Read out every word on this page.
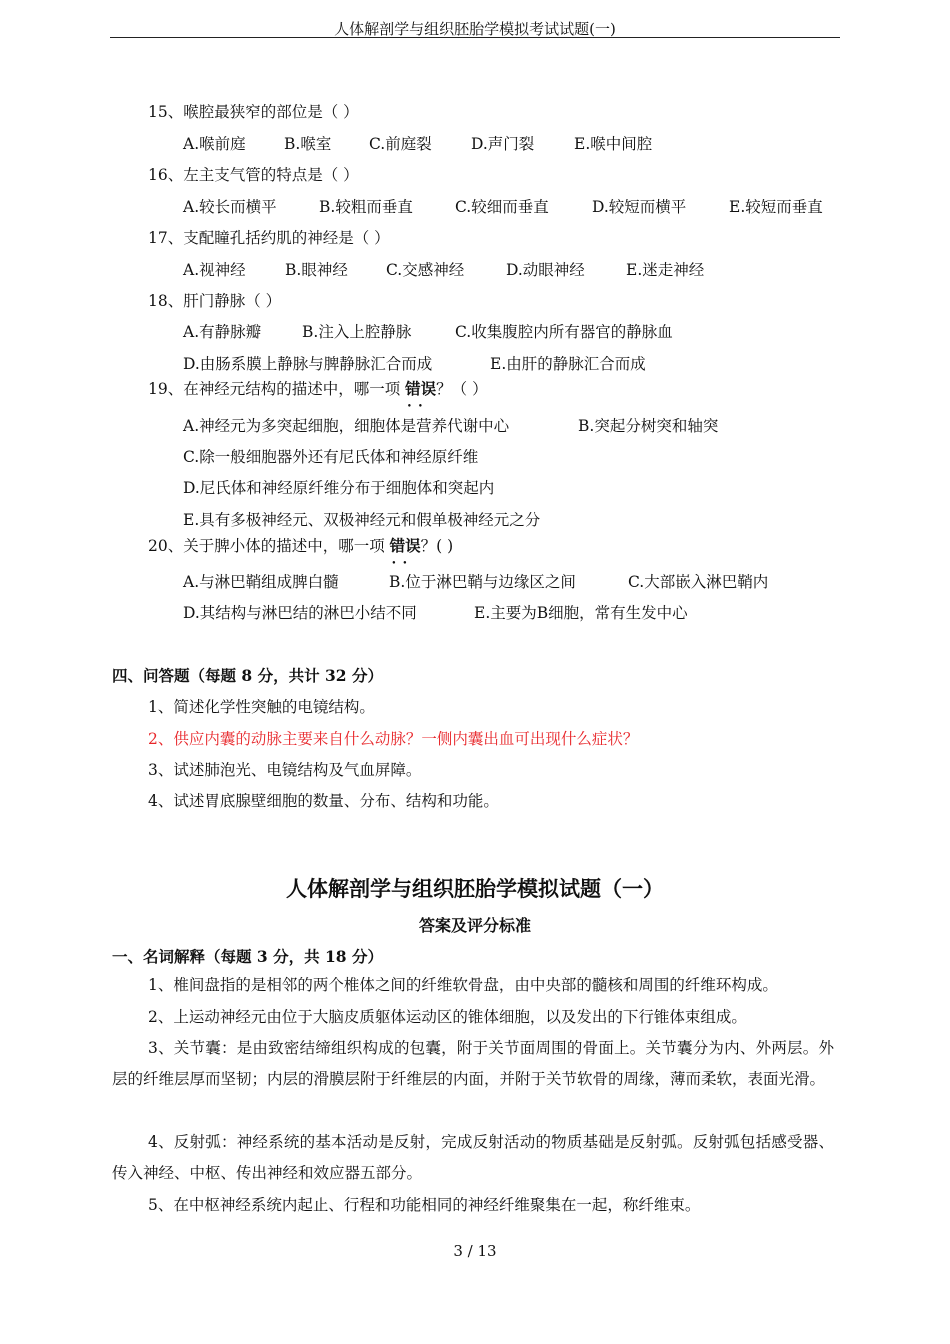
人体解剖学与组织胚胎学模拟考试试题(一)
15、喉腔最狭窄的部位是（ ）
A.喉前庭 B.喉室 C.前庭裂	D.声门裂	E.喉中间腔
16、左主支气管的特点是（ ）
A.较长而横平	B.较粗而垂直	C.较细而垂直	D.较短而横平	E.较短而垂直
17、支配瞳孔括约肌的神经是（ ）
A.视神经	B.眼神经 C.交感神经	D.动眼神经	E.迷走神经
18、肝门静脉（ ）
A.有静脉瓣	B.注入上腔静脉	C.收集腹腔内所有器官的静脉血
D.由肠系膜上静脉与脾静脉汇合而成	E.由肝的静脉汇合而成
19、在神经元结构的描述中，哪一项 错误 • •？（ ）
A.神经元为多突起细胞，细胞体是营养代谢中心	B.突起分树突和轴突
C.除一般细胞器外还有尼氏体和神经原纤维
D.尼氏体和神经原纤维分布于细胞体和突起内
E.具有多极神经元、双极神经元和假单极神经元之分
20、关于脾小体的描述中，哪一项 错误 • •？( )
A.与淋巴鞘组成脾白髓	B.位于淋巴鞘与边缘区之间	C.大部嵌入淋巴鞘内
D.其结构与淋巴结的淋巴小结不同	E.主要为B细胞，常有生发中心
四、问答题（每题 8 分，共计 32 分）
1、简述化学性突触的电镜结构。
2、供应内囊的动脉主要来自什么动脉？一侧内囊出血可出现什么症状？
3、试述肺泡光、电镜结构及气血屏障。
4、试述胃底腺壁细胞的数量、分布、结构和功能。
人体解剖学与组织胚胎学模拟试题（一）
答案及评分标准
一、名词解释（每题 3 分，共 18 分）
1、椎间盘指的是相邻的两个椎体之间的纤维软骨盘，由中央部的髓核和周围的纤维环构成。
2、上运动神经元由位于大脑皮质躯体运动区的锥体细胞，以及发出的下行锥体束组成。
3、关节囊：是由致密结缔组织构成的包囊，附于关节面周围的骨面上。关节囊分为内、外两层。外层的纤维层厚而坚韧；内层的滑膜层附于纤维层的内面，并附于关节软骨的周缘，薄而柔软，表面光滑。
4、反射弧：神经系统的基本活动是反射，完成反射活动的物质基础是反射弧。反射弧包括感受器、传入神经、中枢、传出神经和效应器五部分。
5、在中枢神经系统内起止、行程和功能相同的神经纤维聚集在一起，称纤维束。
3 / 13
